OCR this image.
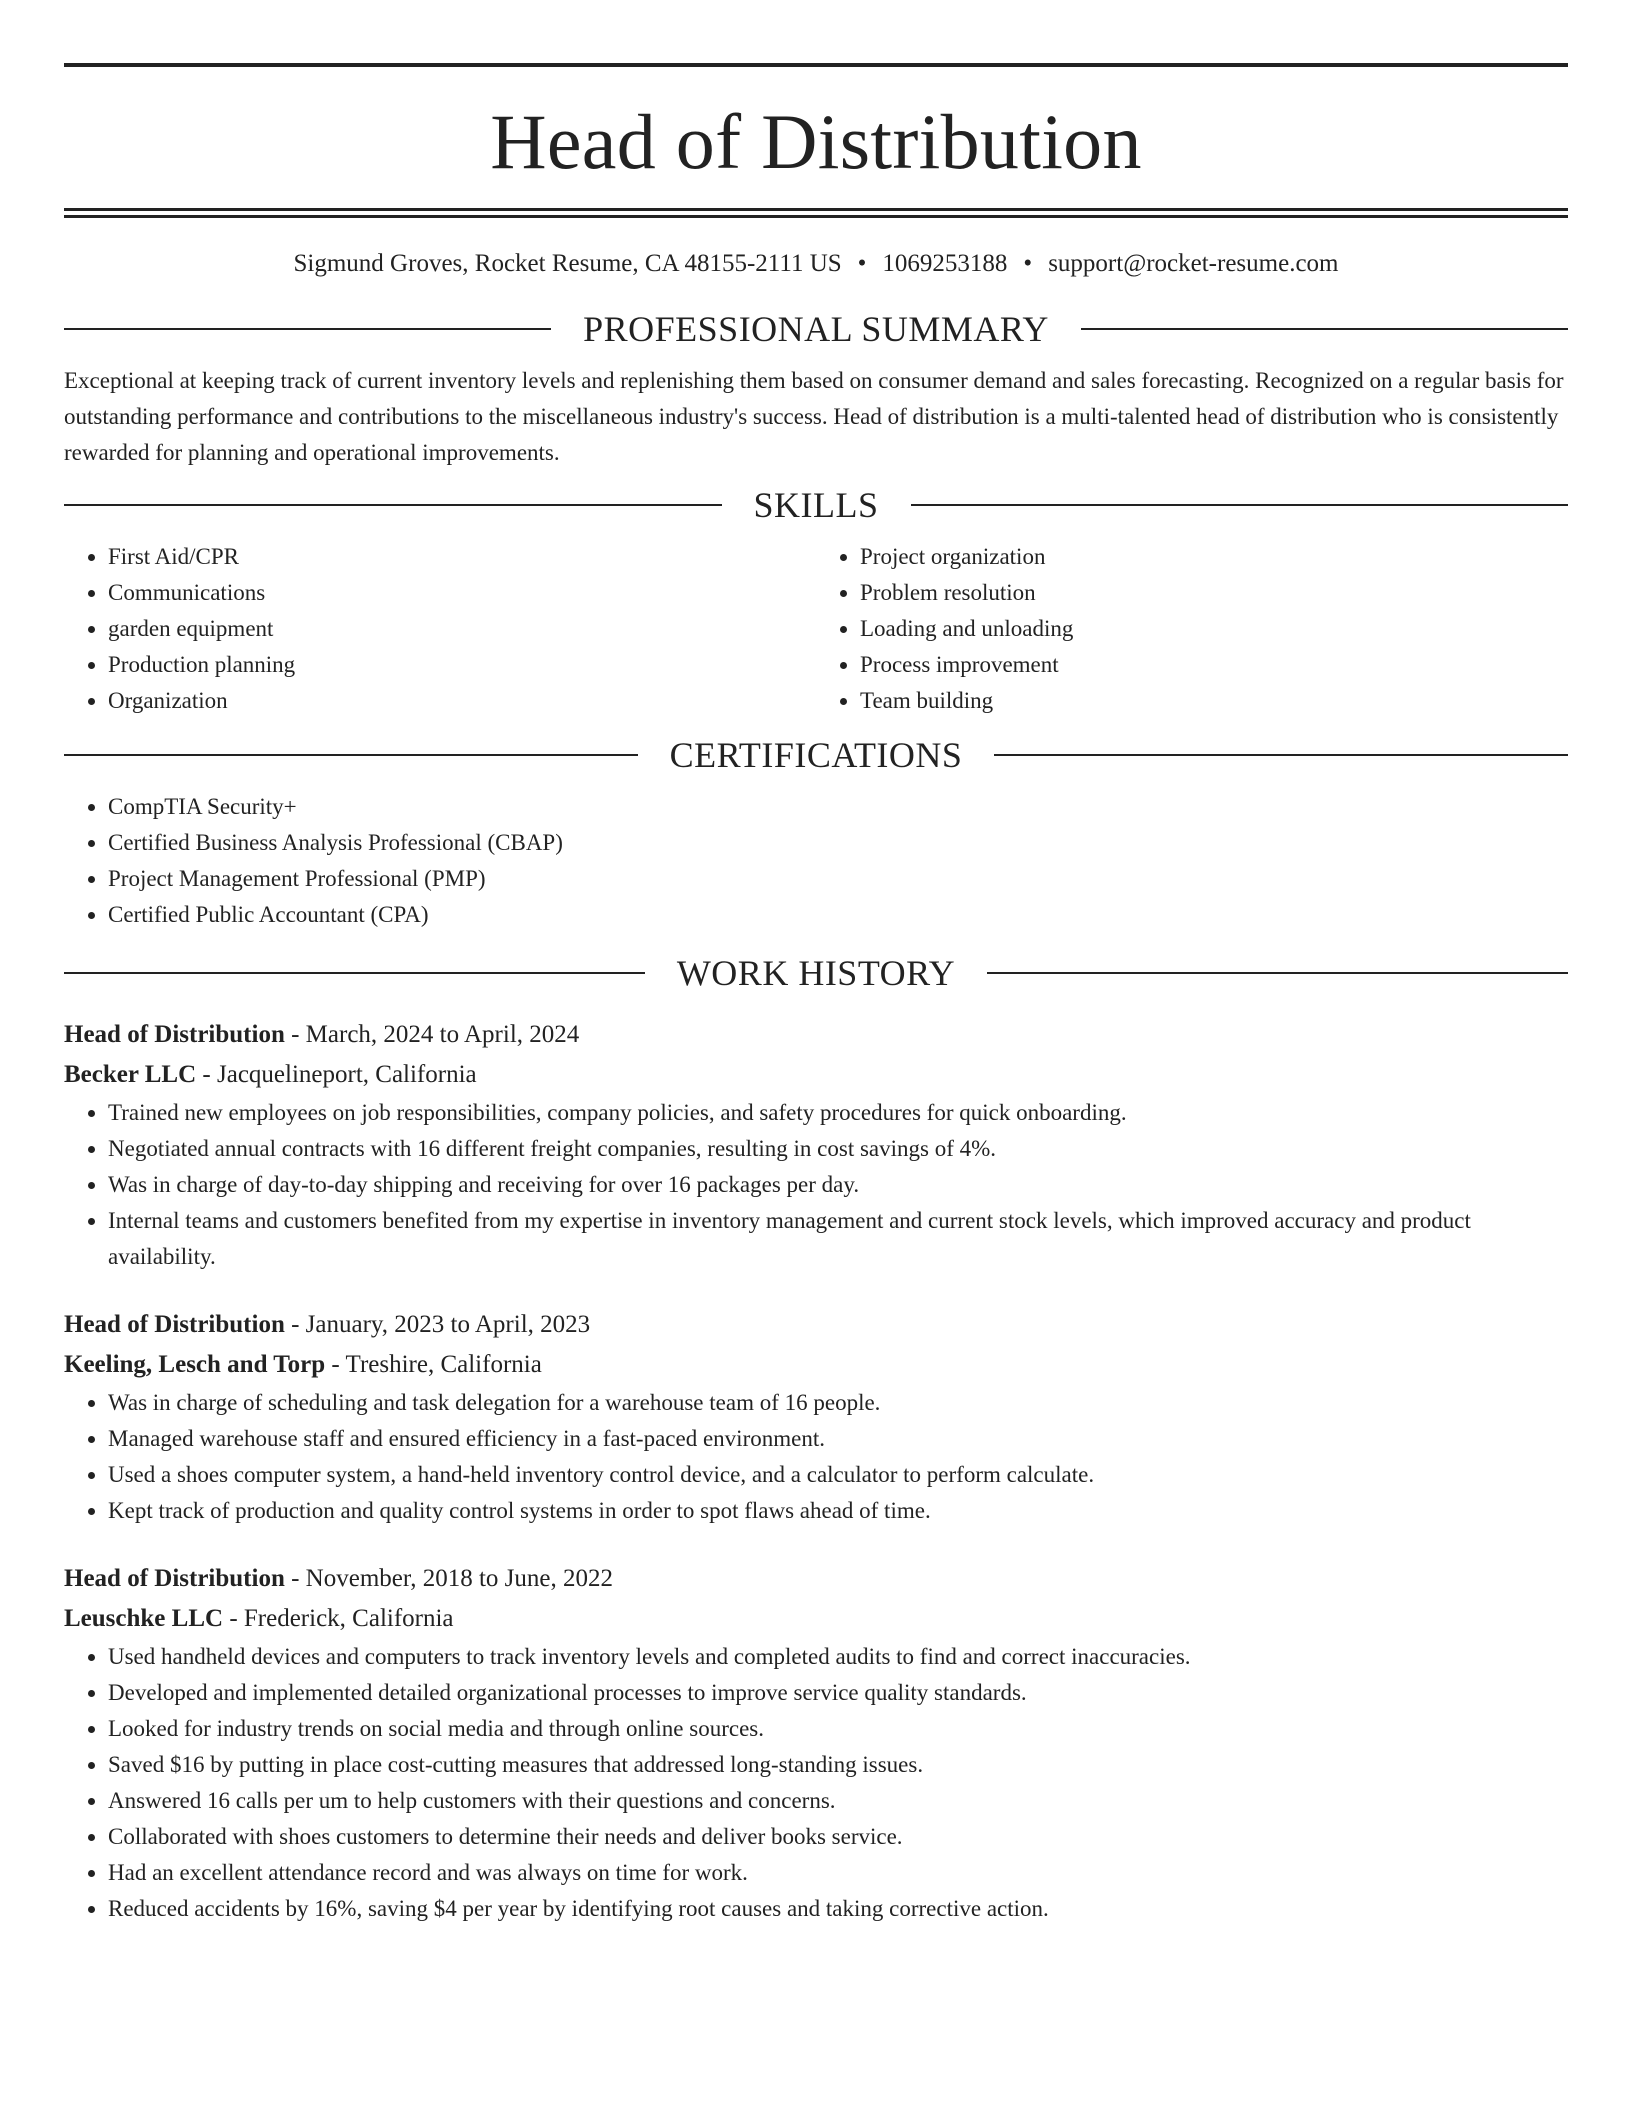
Head of Distribution
Sigmund Groves, Rocket Resume, CA 48155-2111 US • 1069253188 • support@rocket-resume.com
PROFESSIONAL SUMMARY

Exceptional at keeping track of current inventory levels and replenishing them based on consumer demand and sales forecasting. Recognized on a regular basis for outstanding performance and contributions to the miscellaneous industry's success. Head of distribution is a multi-talented head of distribution who is consistently rewarded for planning and operational improvements.

SKILLS
• First Aid/CPR
• Communications
• garden equipment
• Production planning
• Organization
• Project organization
• Problem resolution
• Loading and unloading
• Process improvement
• Team building
CERTIFICATIONS
• CompTIA Security+
• Certified Business Analysis Professional (CBAP)
• Project Management Professional (PMP)
• Certified Public Accountant (CPA)
WORK HISTORY
Head of Distribution - March, 2024 to April, 2024
Becker LLC - Jacquelineport, California
• Trained new employees on job responsibilities, company policies, and safety procedures for quick onboarding.
• Negotiated annual contracts with 16 different freight companies, resulting in cost savings of 4%.
• Was in charge of day-to-day shipping and receiving for over 16 packages per day.
• Internal teams and customers benefited from my expertise in inventory management and current stock levels, which improved accuracy and product availability.
Head of Distribution - January, 2023 to April, 2023
Keeling, Lesch and Torp - Treshire, California
• Was in charge of scheduling and task delegation for a warehouse team of 16 people.
• Managed warehouse staff and ensured efficiency in a fast-paced environment.
• Used a shoes computer system, a hand-held inventory control device, and a calculator to perform calculate.
• Kept track of production and quality control systems in order to spot flaws ahead of time.
Head of Distribution - November, 2018 to June, 2022
Leuschke LLC - Frederick, California
• Used handheld devices and computers to track inventory levels and completed audits to find and correct inaccuracies.
• Developed and implemented detailed organizational processes to improve service quality standards.
• Looked for industry trends on social media and through online sources.
• Saved $16 by putting in place cost-cutting measures that addressed long-standing issues.
• Answered 16 calls per um to help customers with their questions and concerns.
• Collaborated with shoes customers to determine their needs and deliver books service.
• Had an excellent attendance record and was always on time for work.
• Reduced accidents by 16%, saving $4 per year by identifying root causes and taking corrective action.
